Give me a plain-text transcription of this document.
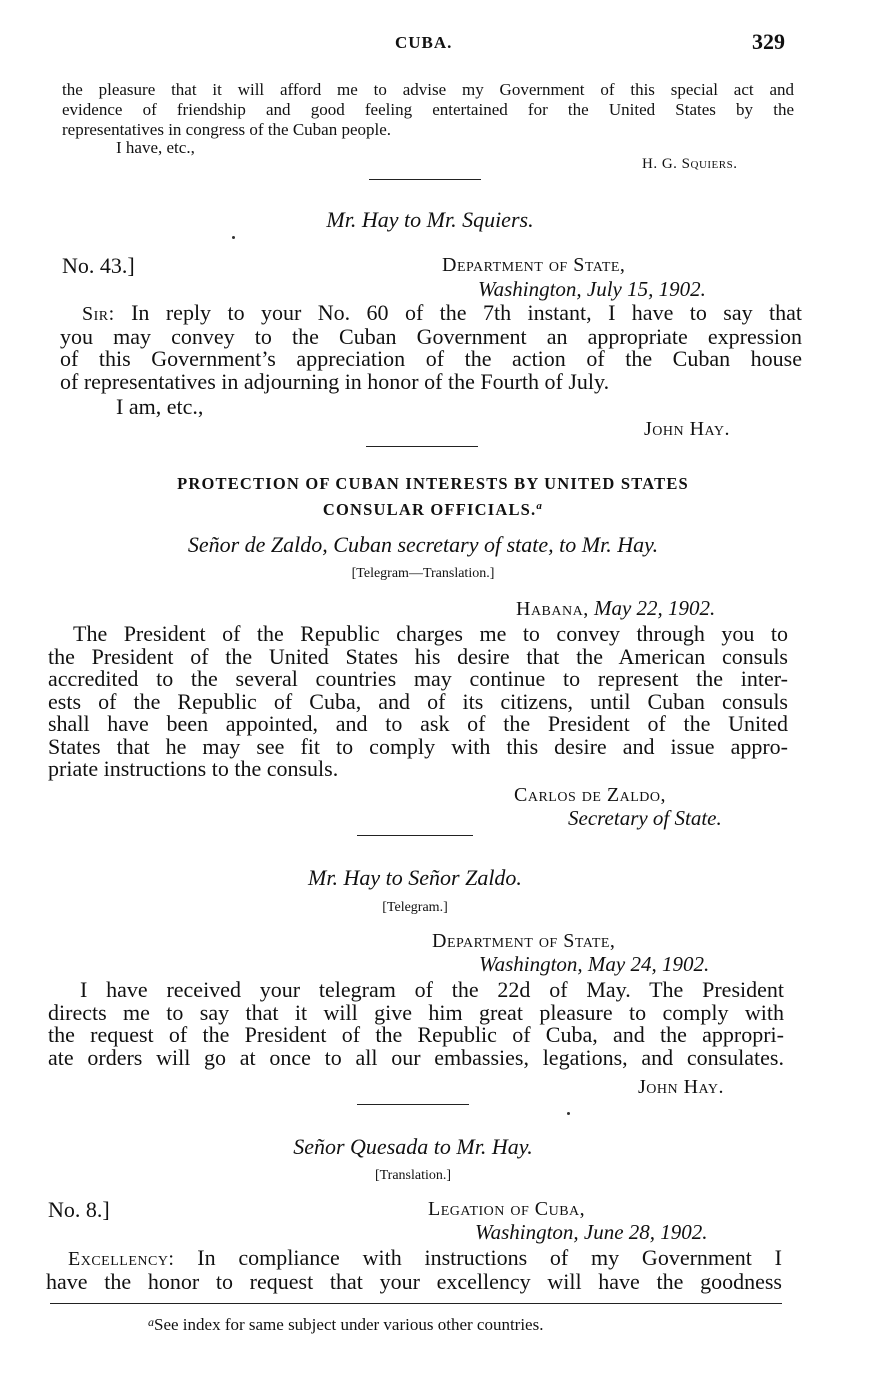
CUBA.	329
the pleasure that it will afford me to advise my Government of this special act and
evidence of friendship and good feeling entertained for the United States by the
representatives in congress of the Cuban people.
I have, etc.,
H. G. Squiers.
Mr. Hay to Mr. Squiers.
No. 43.]	Department of State,
Washington, July 15, 1902.
Sir: In reply to your No. 60 of the 7th instant, I have to say that
you may convey to the Cuban Government an appropriate expression
of this Government’s appreciation of the action of the Cuban house
of representatives in adjourning in honor of the Fourth of July.
I am, etc.,
John Hay.
PROTECTION OF CUBAN INTERESTS BY UNITED STATES
CONSULAR OFFICIALS.$^a$
Señor de Zaldo, Cuban secretary of state, to Mr. Hay.
[Telegram—Translation.]
Habana, May 22, 1902.
The President of the Republic charges me to convey through you to
the President of the United States his desire that the American consuls
accredited to the several countries may continue to represent the inter-
ests of the Republic of Cuba, and of its citizens, until Cuban consuls
shall have been appointed, and to ask of the President of the United
States that he may see fit to comply with this desire and issue appro-
priate instructions to the consuls.
Carlos de Zaldo,
Secretary of State.
Mr. Hay to Señor Zaldo.
[Telegram.]
Department of State,
Washington, May 24, 1902.
I have received your telegram of the 22d of May. The President
directs me to say that it will give him great pleasure to comply with
the request of the President of the Republic of Cuba, and the appropri-
ate orders will go at once to all our embassies, legations, and consulates.
John Hay.
Señor Quesada to Mr. Hay.
[Translation.]
No. 8.]	Legation of Cuba,
Washington, June 28, 1902.
Excellency: In compliance with instructions of my Government I
have the honor to request that your excellency will have the goodness
$^a$See index for same subject under various other countries.
